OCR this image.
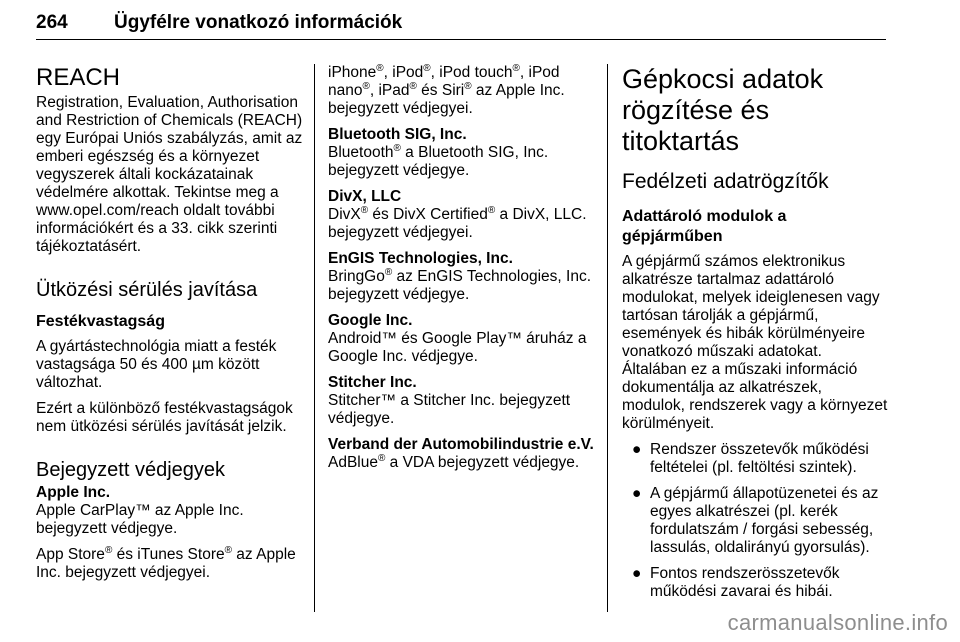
264 Ügyfélre vonatkozó információk
REACH

Registration, Evaluation, Authorisation and Restriction of Chemicals (REACH) egy Európai Uniós szabályzás, amit az emberi egészség és a környezet vegyszerek általi kockázatainak védelmére alkottak. Tekintse meg a www.opel.com/reach oldalt további információkért és a 33. cikk szerinti tájékoztatásért.

Ütközési sérülés javítása
Festékvastagság

A gyártástechnológia miatt a festék vastagsága 50 és 400 µm között változhat.

Ezért a különböző festékvastagságok nem ütközési sérülés javítását jelzik.

Bejegyzett védjegyek
Apple Inc.

Apple CarPlay™ az Apple Inc. bejegyzett védjegye.

App Store® és iTunes Store® az Apple Inc. bejegyzett védjegyei.

iPhone®, iPod®, iPod touch®, iPod nano®, iPad® és Siri® az Apple Inc. bejegyzett védjegyei.

Bluetooth SIG, Inc.

Bluetooth® a Bluetooth SIG, Inc. bejegyzett védjegye.

DivX, LLC

DivX® és DivX Certified® a DivX, LLC. bejegyzett védjegyei.

EnGIS Technologies, Inc.

BringGo® az EnGIS Technologies, Inc. bejegyzett védjegye.

Google Inc.

Android™ és Google Play™ áruház a Google Inc. védjegye.

Stitcher Inc.

Stitcher™ a Stitcher Inc. bejegyzett védjegye.

Verband der Automobilindustrie e.V.

AdBlue® a VDA bejegyzett védjegye.

Gépkocsi adatok rögzítése és titoktartás
Fedélzeti adatrögzítők
Adattároló modulok a gépjárműben

A gépjármű számos elektronikus alkatrésze tartalmaz adattároló modulokat, melyek ideiglenesen vagy tartósan tárolják a gépjármű, események és hibák körülményeire vonatkozó műszaki adatokat. Általában ez a műszaki információ dokumentálja az alkatrészek, modulok, rendszerek vagy a környezet körülményeit.

● Rendszer összetevők működési feltételei (pl. feltöltési szintek).
● A gépjármű állapotüzenetei és az egyes alkatrészei (pl. kerék fordulatszám / forgási sebesség, lassulás, oldalirányú gyorsulás).
● Fontos rendszerösszetevők működési zavarai és hibái.
carmanualsonline.info
